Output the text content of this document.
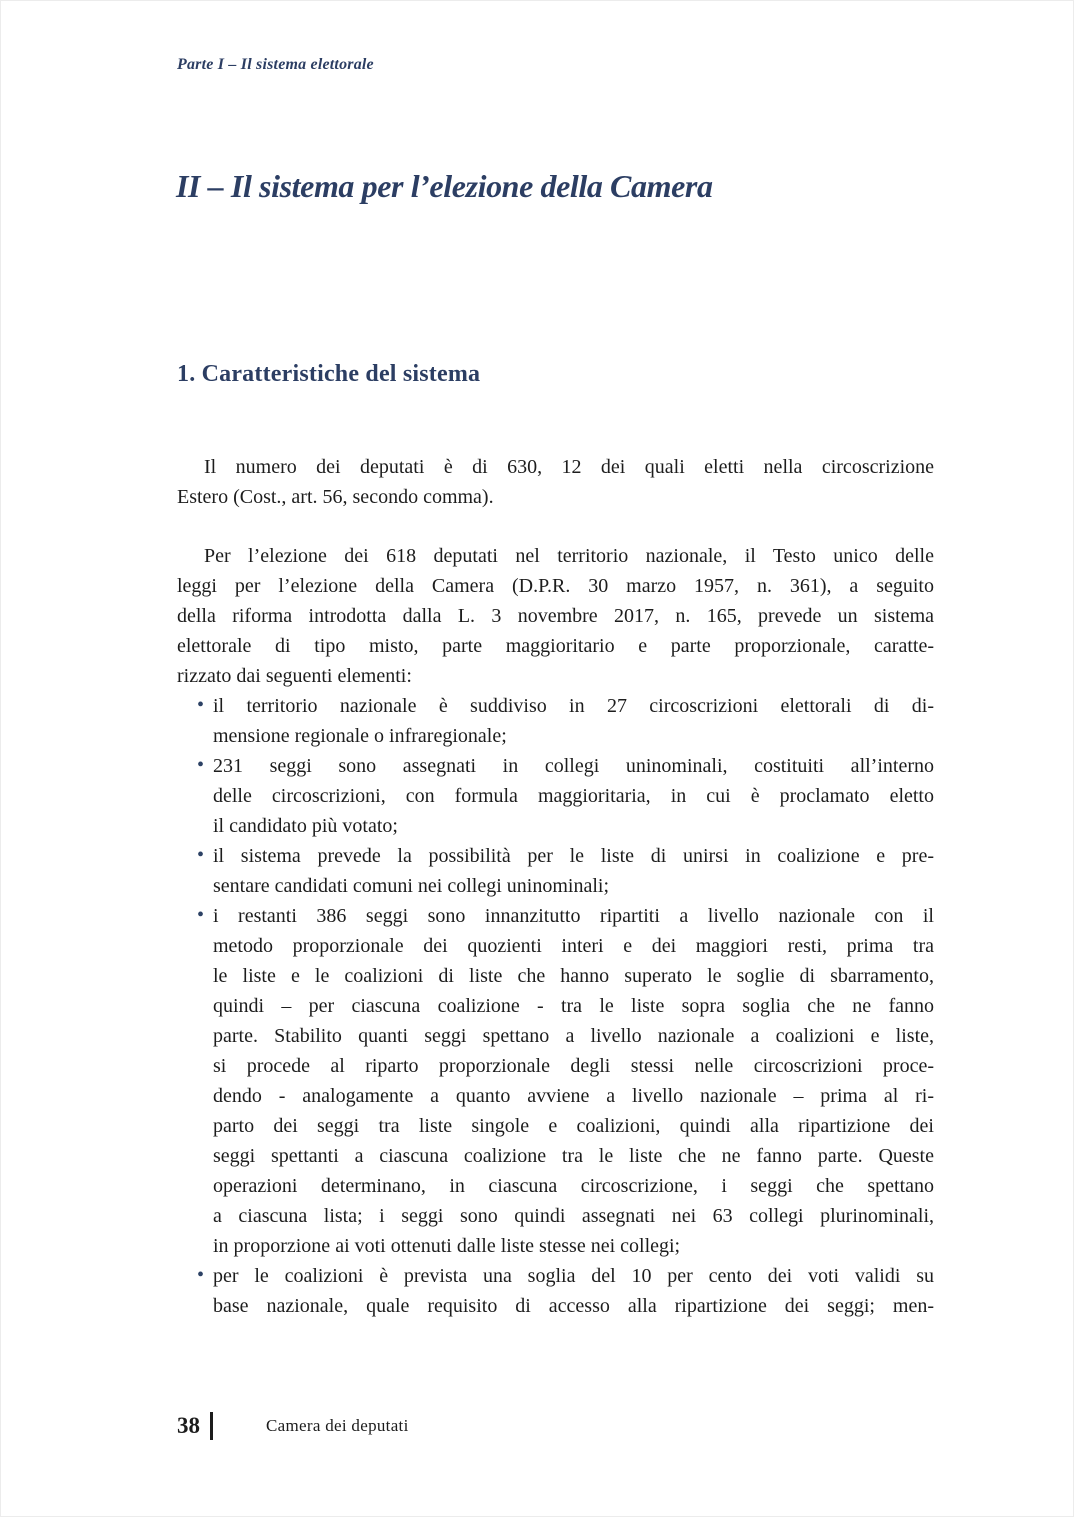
Parte I – Il sistema elettorale
II – Il sistema per l’elezione della Camera
1. Caratteristiche del sistema
Il numero dei deputati è di 630, 12 dei quali eletti nella circoscrizione
Estero (Cost., art. 56, secondo comma).
Per l’elezione dei 618 deputati nel territorio nazionale, il Testo unico delle
leggi per l’elezione della Camera (D.P.R. 30 marzo 1957, n. 361), a seguito
della riforma introdotta dalla L. 3 novembre 2017, n. 165, prevede un sistema
elettorale di tipo misto, parte maggioritario e parte proporzionale, caratte-
rizzato dai seguenti elementi:
• il territorio nazionale è suddiviso in 27 circoscrizioni elettorali di di-
mensione regionale o infraregionale;
• 231 seggi sono assegnati in collegi uninominali, costituiti all’interno
delle circoscrizioni, con formula maggioritaria, in cui è proclamato eletto
il candidato più votato;
• il sistema prevede la possibilità per le liste di unirsi in coalizione e pre-
sentare candidati comuni nei collegi uninominali;
• i restanti 386 seggi sono innanzitutto ripartiti a livello nazionale con il
metodo proporzionale dei quozienti interi e dei maggiori resti, prima tra
le liste e le coalizioni di liste che hanno superato le soglie di sbarramento,
quindi – per ciascuna coalizione - tra le liste sopra soglia che ne fanno
parte. Stabilito quanti seggi spettano a livello nazionale a coalizioni e liste,
si procede al riparto proporzionale degli stessi nelle circoscrizioni proce-
dendo - analogamente a quanto avviene a livello nazionale – prima al ri-
parto dei seggi tra liste singole e coalizioni, quindi alla ripartizione dei
seggi spettanti a ciascuna coalizione tra le liste che ne fanno parte. Queste
operazioni determinano, in ciascuna circoscrizione, i seggi che spettano
a ciascuna lista; i seggi sono quindi assegnati nei 63 collegi plurinominali,
in proporzione ai voti ottenuti dalle liste stesse nei collegi;
• per le coalizioni è prevista una soglia del 10 per cento dei voti validi su
base nazionale, quale requisito di accesso alla ripartizione dei seggi; men-
38	Camera dei deputati
